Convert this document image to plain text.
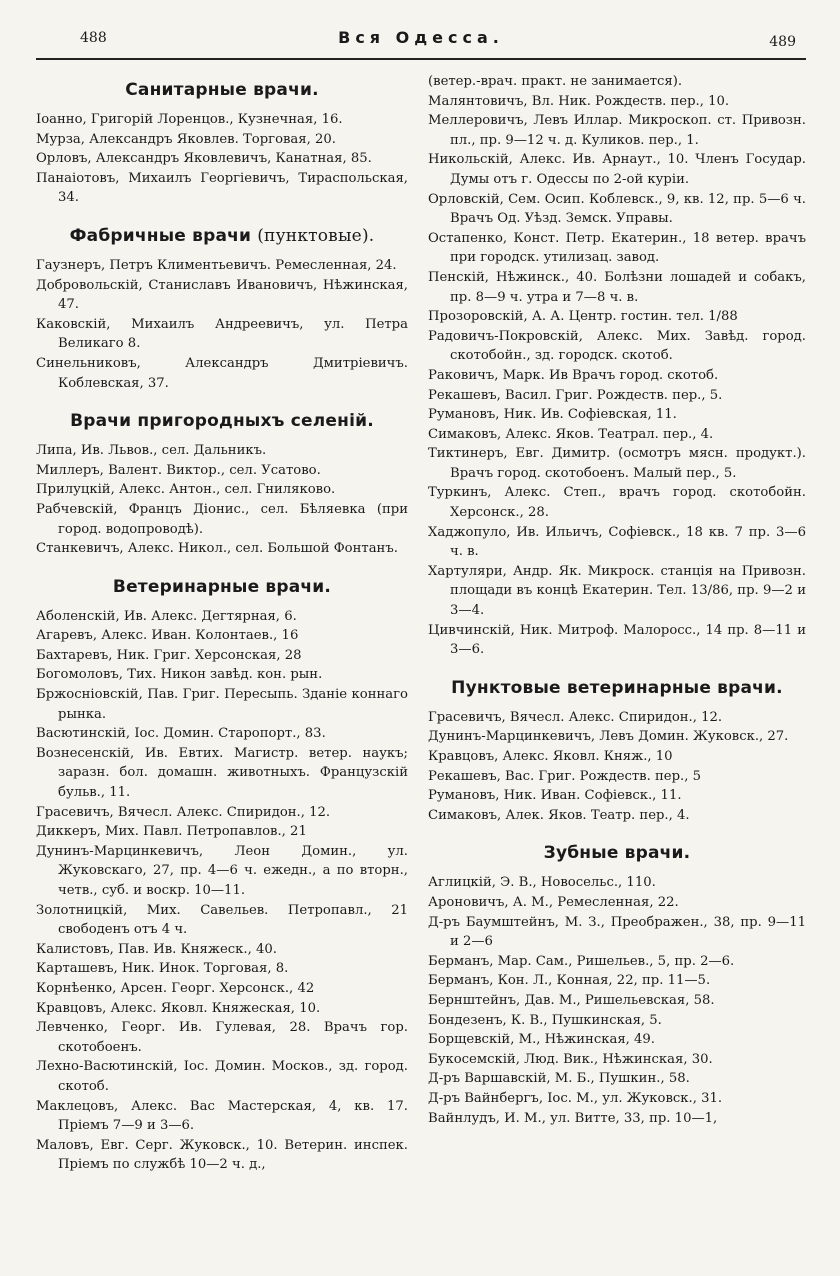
488	Вся Одесса.	489
Санитарные врачи.
Іоанно, Григорій Лоренцов., Кузнечная, 16.
Мурза, Александръ Яковлев. Торговая, 20.
Орловъ, Александръ Яковлевичъ, Канатная, 85.
Панаіотовъ, Михаилъ Георгіевичъ, Тираспольская, 34.
Фабричные врачи (пунктовые).
Гаузнеръ, Петръ Климентьевичъ. Ремесленная, 24.
Добровольскій, Станиславъ Ивановичъ, Нѣжинская, 47.
Каковскій, Михаилъ Андреевичъ, ул. Петра Великаго 8.
Синельниковъ, Александръ Дмитріевичъ. Коблевская, 37.
Врачи пригородныхъ селеній.
Липа, Ив. Львов., сел. Дальникъ.
Миллеръ, Валент. Виктор., сел. Усатово.
Прилуцкій, Алекс. Антон., сел. Гниляково.
Рабчевскій, Францъ Діонис., сел. Бѣляевка (при город. водопроводѣ).
Станкевичъ, Алекс. Никол., сел. Большой Фонтанъ.
Ветеринарные врачи.
Аболенскій, Ив. Алекс. Дегтярная, 6.
Агаревъ, Алекс. Иван. Колонтаев., 16
Бахтаревъ, Ник. Григ. Херсонская, 28
Богомоловъ, Тих. Никон завѣд. кон. рын.
Бржосніовскій, Пав. Григ. Пересыпь. Зданіе коннаго рынка.
Васютинскій, Іос. Домин. Старопорт., 83.
Вознесенскій, Ив. Евтих. Магистр. ветер. наукъ; заразн. бол. домашн. животныхъ. Французскій бульв., 11.
Грасевичъ, Вячесл. Алекс. Спиридон., 12.
Диккеръ, Мих. Павл. Петропавлов., 21
Дунинъ-Марцинкевичъ, Леон Домин., ул. Жуковскаго, 27, пр. 4—6 ч. ежедн., а по вторн., четв., суб. и воскр. 10—11.
Золотницкій, Мих. Савельев. Петропавл., 21 свободенъ отъ 4 ч.
Калистовъ, Пав. Ив. Княжеск., 40.
Карташевъ, Ник. Инок. Торговая, 8.
Корнѣенко, Арсен. Георг. Херсонск., 42
Кравцовъ, Алекс. Яковл. Княжеская, 10.
Левченко, Георг. Ив. Гулевая, 28. Врачъ гор. скотобоенъ.
Лехно-Васютинскій, Іос. Домин. Москов., зд. город. скотоб.
Маклецовъ, Алекс. Вас Мастерская, 4, кв. 17. Пріемъ 7—9 и 3—6.
Маловъ, Евг. Серг. Жуковск., 10. Ветерин. инспек. Пріемъ по службѣ 10—2 ч. д.,
(ветер.-врач. практ. не занимается).
Малянтовичъ, Вл. Ник. Рождеств. пер., 10.
Меллеровичъ, Левъ Иллар. Микроскоп. ст. Привозн. пл., пр. 9—12 ч. д. Куликов. пер., 1.
Никольскій, Алекс. Ив. Арнаут., 10. Членъ Государ. Думы отъ г. Одессы по 2-ой куріи.
Орловскій, Сем. Осип. Коблевск., 9, кв. 12, пр. 5—6 ч. Врачъ Од. Уѣзд. Земск. Управы.
Остапенко, Конст. Петр. Екатерин., 18 ветер. врачъ при городск. утилизац. завод.
Пенскій, Нѣжинск., 40. Болѣзни лошадей и собакъ, пр. 8—9 ч. утра и 7—8 ч. в.
Прозоровскій, А. А. Центр. гостин. тел. 1/88
Радовичъ-Покровскій, Алекс. Мих. Завѣд. город. скотобойн., зд. городск. скотоб.
Раковичъ, Марк. Ив Врачъ город. скотоб.
Рекашевъ, Васил. Григ. Рождеств. пер., 5.
Румановъ, Ник. Ив. Софіевская, 11.
Симаковъ, Алекс. Яков. Театрал. пер., 4.
Тиктинеръ, Евг. Димитр. (осмотръ мясн. продукт.). Врачъ город. скотобоенъ. Малый пер., 5.
Туркинъ, Алекс. Степ., врачъ город. скотобойн. Херсонск., 28.
Хаджопуло, Ив. Ильичъ, Софіевск., 18 кв. 7 пр. 3—6 ч. в.
Хартуляри, Андр. Як. Микроск. станція на Привозн. площади въ концѣ Екатерин. Тел. 13/86, пр. 9—2 и 3—4.
Цивчинскій, Ник. Митроф. Малоросс., 14 пр. 8—11 и 3—6.
Пунктовые ветеринарные врачи.
Грасевичъ, Вячесл. Алекс. Спиридон., 12.
Дунинъ-Марцинкевичъ, Левъ Домин. Жуковск., 27.
Кравцовъ, Алекс. Яковл. Княж., 10
Рекашевъ, Вас. Григ. Рождеств. пер., 5
Румановъ, Ник. Иван. Софіевск., 11.
Симаковъ, Алек. Яков. Театр. пер., 4.
Зубные врачи.
Аглицкій, Э. В., Новосельс., 110.
Ароновичъ, А. М., Ремесленная, 22.
Д-ръ Баумштейнъ, М. З., Преображен., 38, пр. 9—11 и 2—6
Берманъ, Мар. Сам., Ришельев., 5, пр. 2—6.
Берманъ, Кон. Л., Конная, 22, пр. 11—5.
Бернштейнъ, Дав. М., Ришельевская, 58.
Бондезенъ, К. В., Пушкинская, 5.
Борщевскій, М., Нѣжинская, 49.
Букосемскій, Люд. Вик., Нѣжинская, 30.
Д-ръ Варшавскій, М. Б., Пушкин., 58.
Д-ръ Вайнбергъ, Іос. М., ул. Жуковск., 31.
Вайнлудъ, И. М., ул. Витте, 33, пр. 10—1,
